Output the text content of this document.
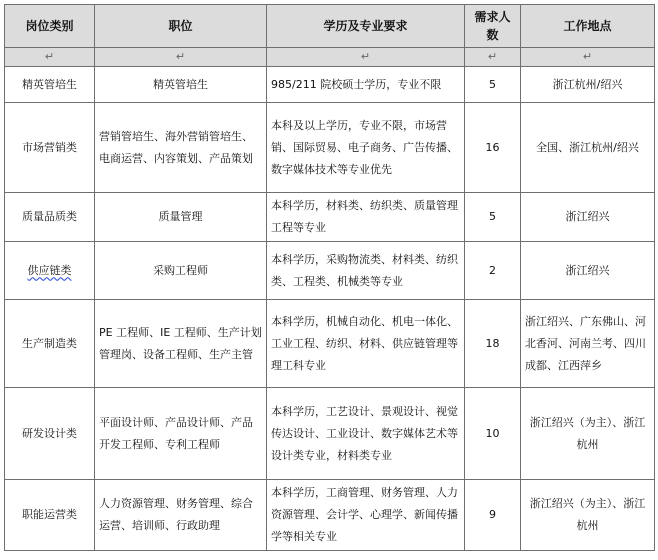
岗位类别	职位	学历及专业要求	需求人数	工作地点
↵	↵	↵	↵	↵
精英管培生	精英管培生	985/211 院校硕士学历，专业不限	5	浙江杭州/绍兴
市场营销类	营销管培生、海外营销管培生、电商运营、内容策划、产品策划	本科及以上学历，专业不限，市场营销、国际贸易、电子商务、广告传播、数字媒体技术等专业优先	16	全国、浙江杭州/绍兴
质量品质类	质量管理	本科学历，材料类、纺织类、质量管理工程等专业	5	浙江绍兴
供应链类	采购工程师	本科学历，采购物流类、材料类、纺织类、工程类、机械类等专业	2	浙江绍兴
生产制造类	PE 工程师、IE 工程师、生产计划管理岗、设备工程师、生产主管	本科学历，机械自动化、机电一体化、工业工程、纺织、材料、供应链管理等理工科专业	18	浙江绍兴、广东佛山、河北香河、河南兰考、四川成都、江西萍乡
研发设计类	平面设计师、产品设计师、产品开发工程师、专利工程师	本科学历，工艺设计、景观设计、视觉传达设计、工业设计、数字媒体艺术等设计类专业，材料类专业	10	浙江绍兴（为主）、浙江杭州
职能运营类	人力资源管理、财务管理、综合运营、培训师、行政助理	本科学历，工商管理、财务管理、人力资源管理、会计学、心理学、新闻传播学等相关专业	9	浙江绍兴（为主）、浙江杭州
